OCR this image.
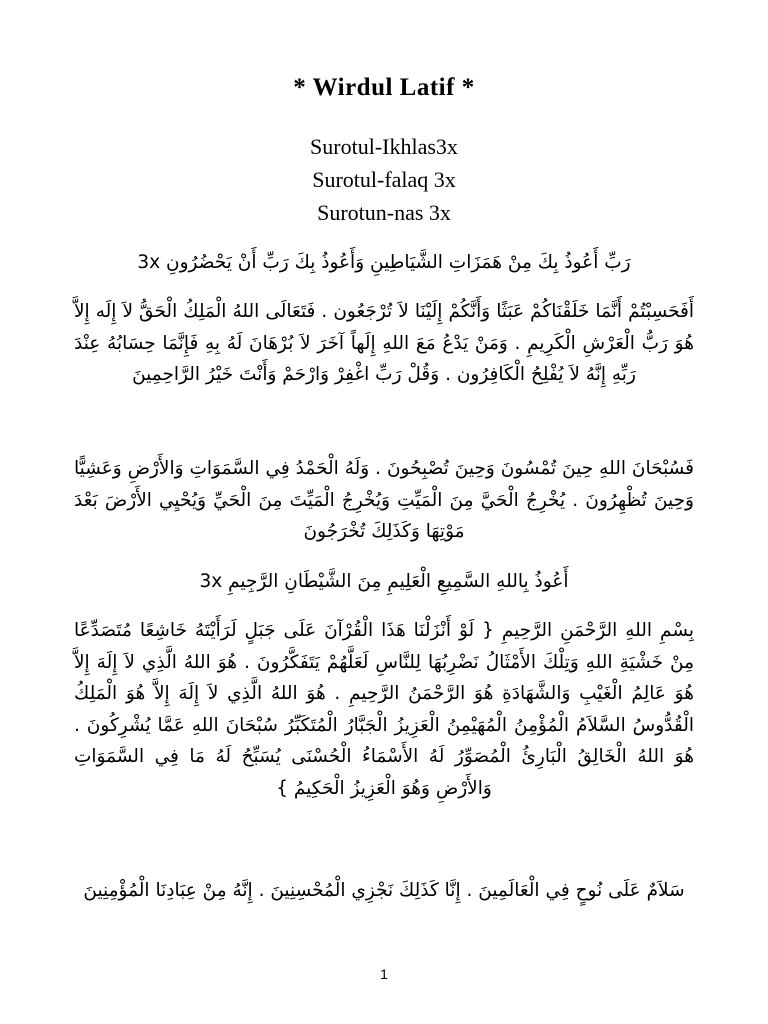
* Wirdul Latif *
Surotul-Ikhlas3x
Surotul-falaq 3x
Surotun-nas 3x
رَبِّ أَعُوذُ بِكَ مِنْ هَمَزَاتِ الشَّيَاطِينِ وَأَعُوذُ بِكَ رَبِّ أَنْ يَحْضُرُونِ 3x
أَفَحَسِبْتُمْ أَنَّمَا خَلَقْنَاكُمْ عَبَثًا وَأَنَّكُمْ إِلَيْنَا لاَ تُرْجَعُون . فَتَعَالَى اللهُ الْمَلِكُ الْحَقُّ لاَ إِلَه إِلاَّ هُوَ رَبُّ الْعَرْشِ الْكَرِيمِ . وَمَنْ يَدْعُ مَعَ اللهِ إِلَهاً آخَرَ لاَ بُرْهَانَ لَهُ بِهِ فَإِنَّمَا حِسَابُهُ عِنْدَ رَبِّهِ إِنَّهُ لاَ يُفْلِحُ الْكَافِرُون . وَقُلْ رَبِّ اغْفِرْ وَارْحَمْ وَأَنْتَ خَيْرُ الرَّاحِمِينَ
فَسُبْحَانَ اللهِ حِينَ تُمْسُونَ وَحِينَ تُصْبِحُونَ . وَلَهُ الْحَمْدُ فِي السَّمَوَاتِ وَالأَرْضِ وَعَشِيًّا وَحِينَ تُظْهِرُونَ . يُخْرِجُ الْحَيَّ مِنَ الْمَيِّتِ وَيُخْرِجُ الْمَيِّتَ مِنَ الْحَيِّ وَيُحْيِي الأَرْضَ بَعْدَ مَوْتِهَا وَكَذَلِكَ تُخْرَجُونَ
أَعُوذُ بِاللهِ السَّمِيعِ الْعَلِيمِ مِنَ الشَّيْطَانِ الرَّجِيمِ 3x
بِسْمِ اللهِ الرَّحْمَنِ الرَّحِيمِ { لَوْ أَنْزَلْنَا هَذَا الْقُرْآنَ عَلَى جَبَلٍ لَرَأَيْتَهُ خَاشِعًا مُتَصَدِّعًا مِنْ خَشْيَةِ اللهِ وَتِلْكَ الأَمْثَالُ نَضْرِبُهَا لِلنَّاسِ لَعَلَّهُمْ يَتَفَكَّرُونَ . هُوَ اللهُ الَّذِي لاَ إِلَهَ إِلاَّ هُوَ عَالِمُ الْغَيْبِ وَالشَّهَادَةِ هُوَ الرَّحْمَنُ الرَّحِيمِ . هُوَ اللهُ الَّذِي لاَ إِلَهَ إِلاَّ هُوَ الْمَلِكُ الْقُدُّوسُ السَّلاَمُ الْمُؤْمِنُ الْمُهَيْمِنُ الْعَزِيزُ الْجَبَّارُ الْمُتَكَبِّرُ سُبْحَانَ اللهِ عَمَّا يُشْرِكُونَ . هُوَ اللهُ الْخَالِقُ الْبَارِئُ الْمُصَوِّرُ لَهُ الأَسْمَاءُ الْحُسْنَى يُسَبِّحُ لَهُ مَا فِي السَّمَوَاتِ وَالأَرْضِ وَهُوَ الْعَزِيزُ الْحَكِيمُ }
سَلاَمٌ عَلَى نُوحٍ فِي الْعَالَمِينَ . إِنَّا كَذَلِكَ نَجْزِي الْمُحْسِنِينَ . إِنَّهُ مِنْ عِبَادِنَا الْمُؤْمِنِينَ
1
